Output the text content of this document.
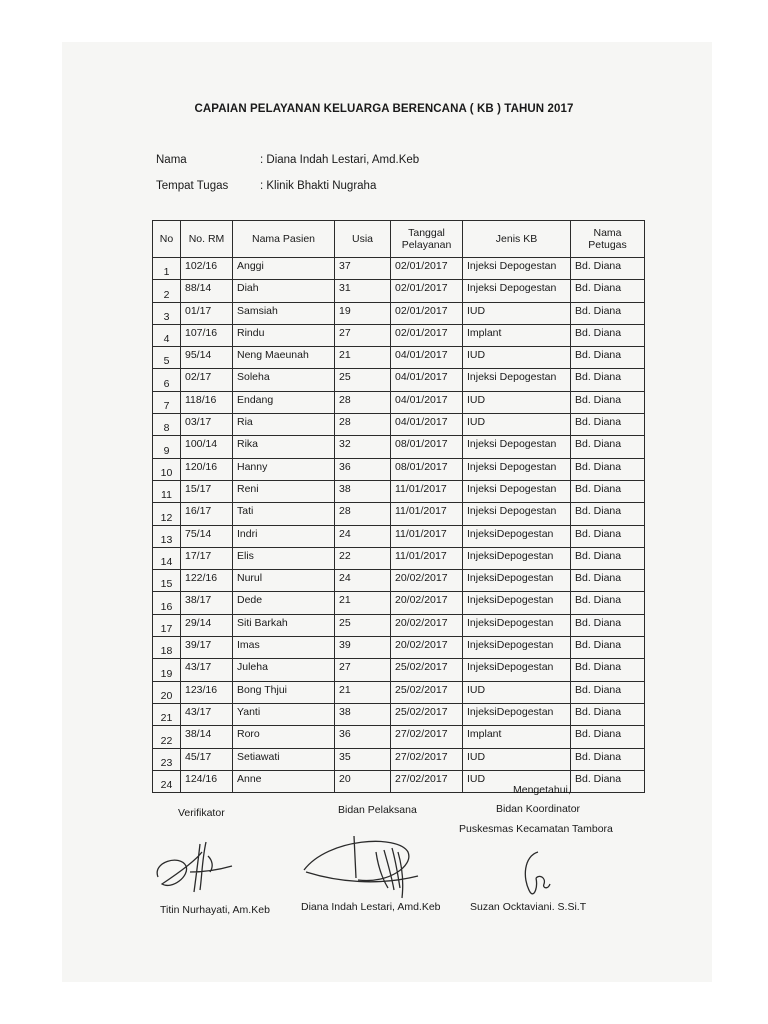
CAPAIAN PELAYANAN KELUARGA BERENCANA ( KB ) TAHUN 2017
Nama	: Diana Indah Lestari, Amd.Keb
Tempat Tugas	: Klinik Bhakti Nugraha
No	No. RM	Nama Pasien	Usia	Tanggal Pelayanan	Jenis KB	Nama Petugas
1	102/16	Anggi	37	02/01/2017	Injeksi Depogestan	Bd. Diana
2	88/14	Diah	31	02/01/2017	Injeksi Depogestan	Bd. Diana
3	01/17	Samsiah	19	02/01/2017	IUD	Bd. Diana
4	107/16	Rindu	27	02/01/2017	Implant	Bd. Diana
5	95/14	Neng Maeunah	21	04/01/2017	IUD	Bd. Diana
6	02/17	Soleha	25	04/01/2017	Injeksi Depogestan	Bd. Diana
7	118/16	Endang	28	04/01/2017	IUD	Bd. Diana
8	03/17	Ria	28	04/01/2017	IUD	Bd. Diana
9	100/14	Rika	32	08/01/2017	Injeksi Depogestan	Bd. Diana
10	120/16	Hanny	36	08/01/2017	Injeksi Depogestan	Bd. Diana
11	15/17	Reni	38	11/01/2017	Injeksi Depogestan	Bd. Diana
12	16/17	Tati	28	11/01/2017	Injeksi Depogestan	Bd. Diana
13	75/14	Indri	24	11/01/2017	InjeksiDepogestan	Bd. Diana
14	17/17	Elis	22	11/01/2017	InjeksiDepogestan	Bd. Diana
15	122/16	Nurul	24	20/02/2017	InjeksiDepogestan	Bd. Diana
16	38/17	Dede	21	20/02/2017	InjeksiDepogestan	Bd. Diana
17	29/14	Siti Barkah	25	20/02/2017	InjeksiDepogestan	Bd. Diana
18	39/17	Imas	39	20/02/2017	InjeksiDepogestan	Bd. Diana
19	43/17	Juleha	27	25/02/2017	InjeksiDepogestan	Bd. Diana
20	123/16	Bong Thjui	21	25/02/2017	IUD	Bd. Diana
21	43/17	Yanti	38	25/02/2017	InjeksiDepogestan	Bd. Diana
22	38/14	Roro	36	27/02/2017	Implant	Bd. Diana
23	45/17	Setiawati	35	27/02/2017	IUD	Bd. Diana
24	124/16	Anne	20	27/02/2017	IUD	Bd. Diana
Mengetahui,
Bidan Koordinator
Puskesmas Kecamatan Tambora
Verifikator	Bidan Pelaksana
Titin Nurhayati, Am.Keb	Diana Indah Lestari, Amd.Keb	Suzan Ocktaviani. S.Si.T
